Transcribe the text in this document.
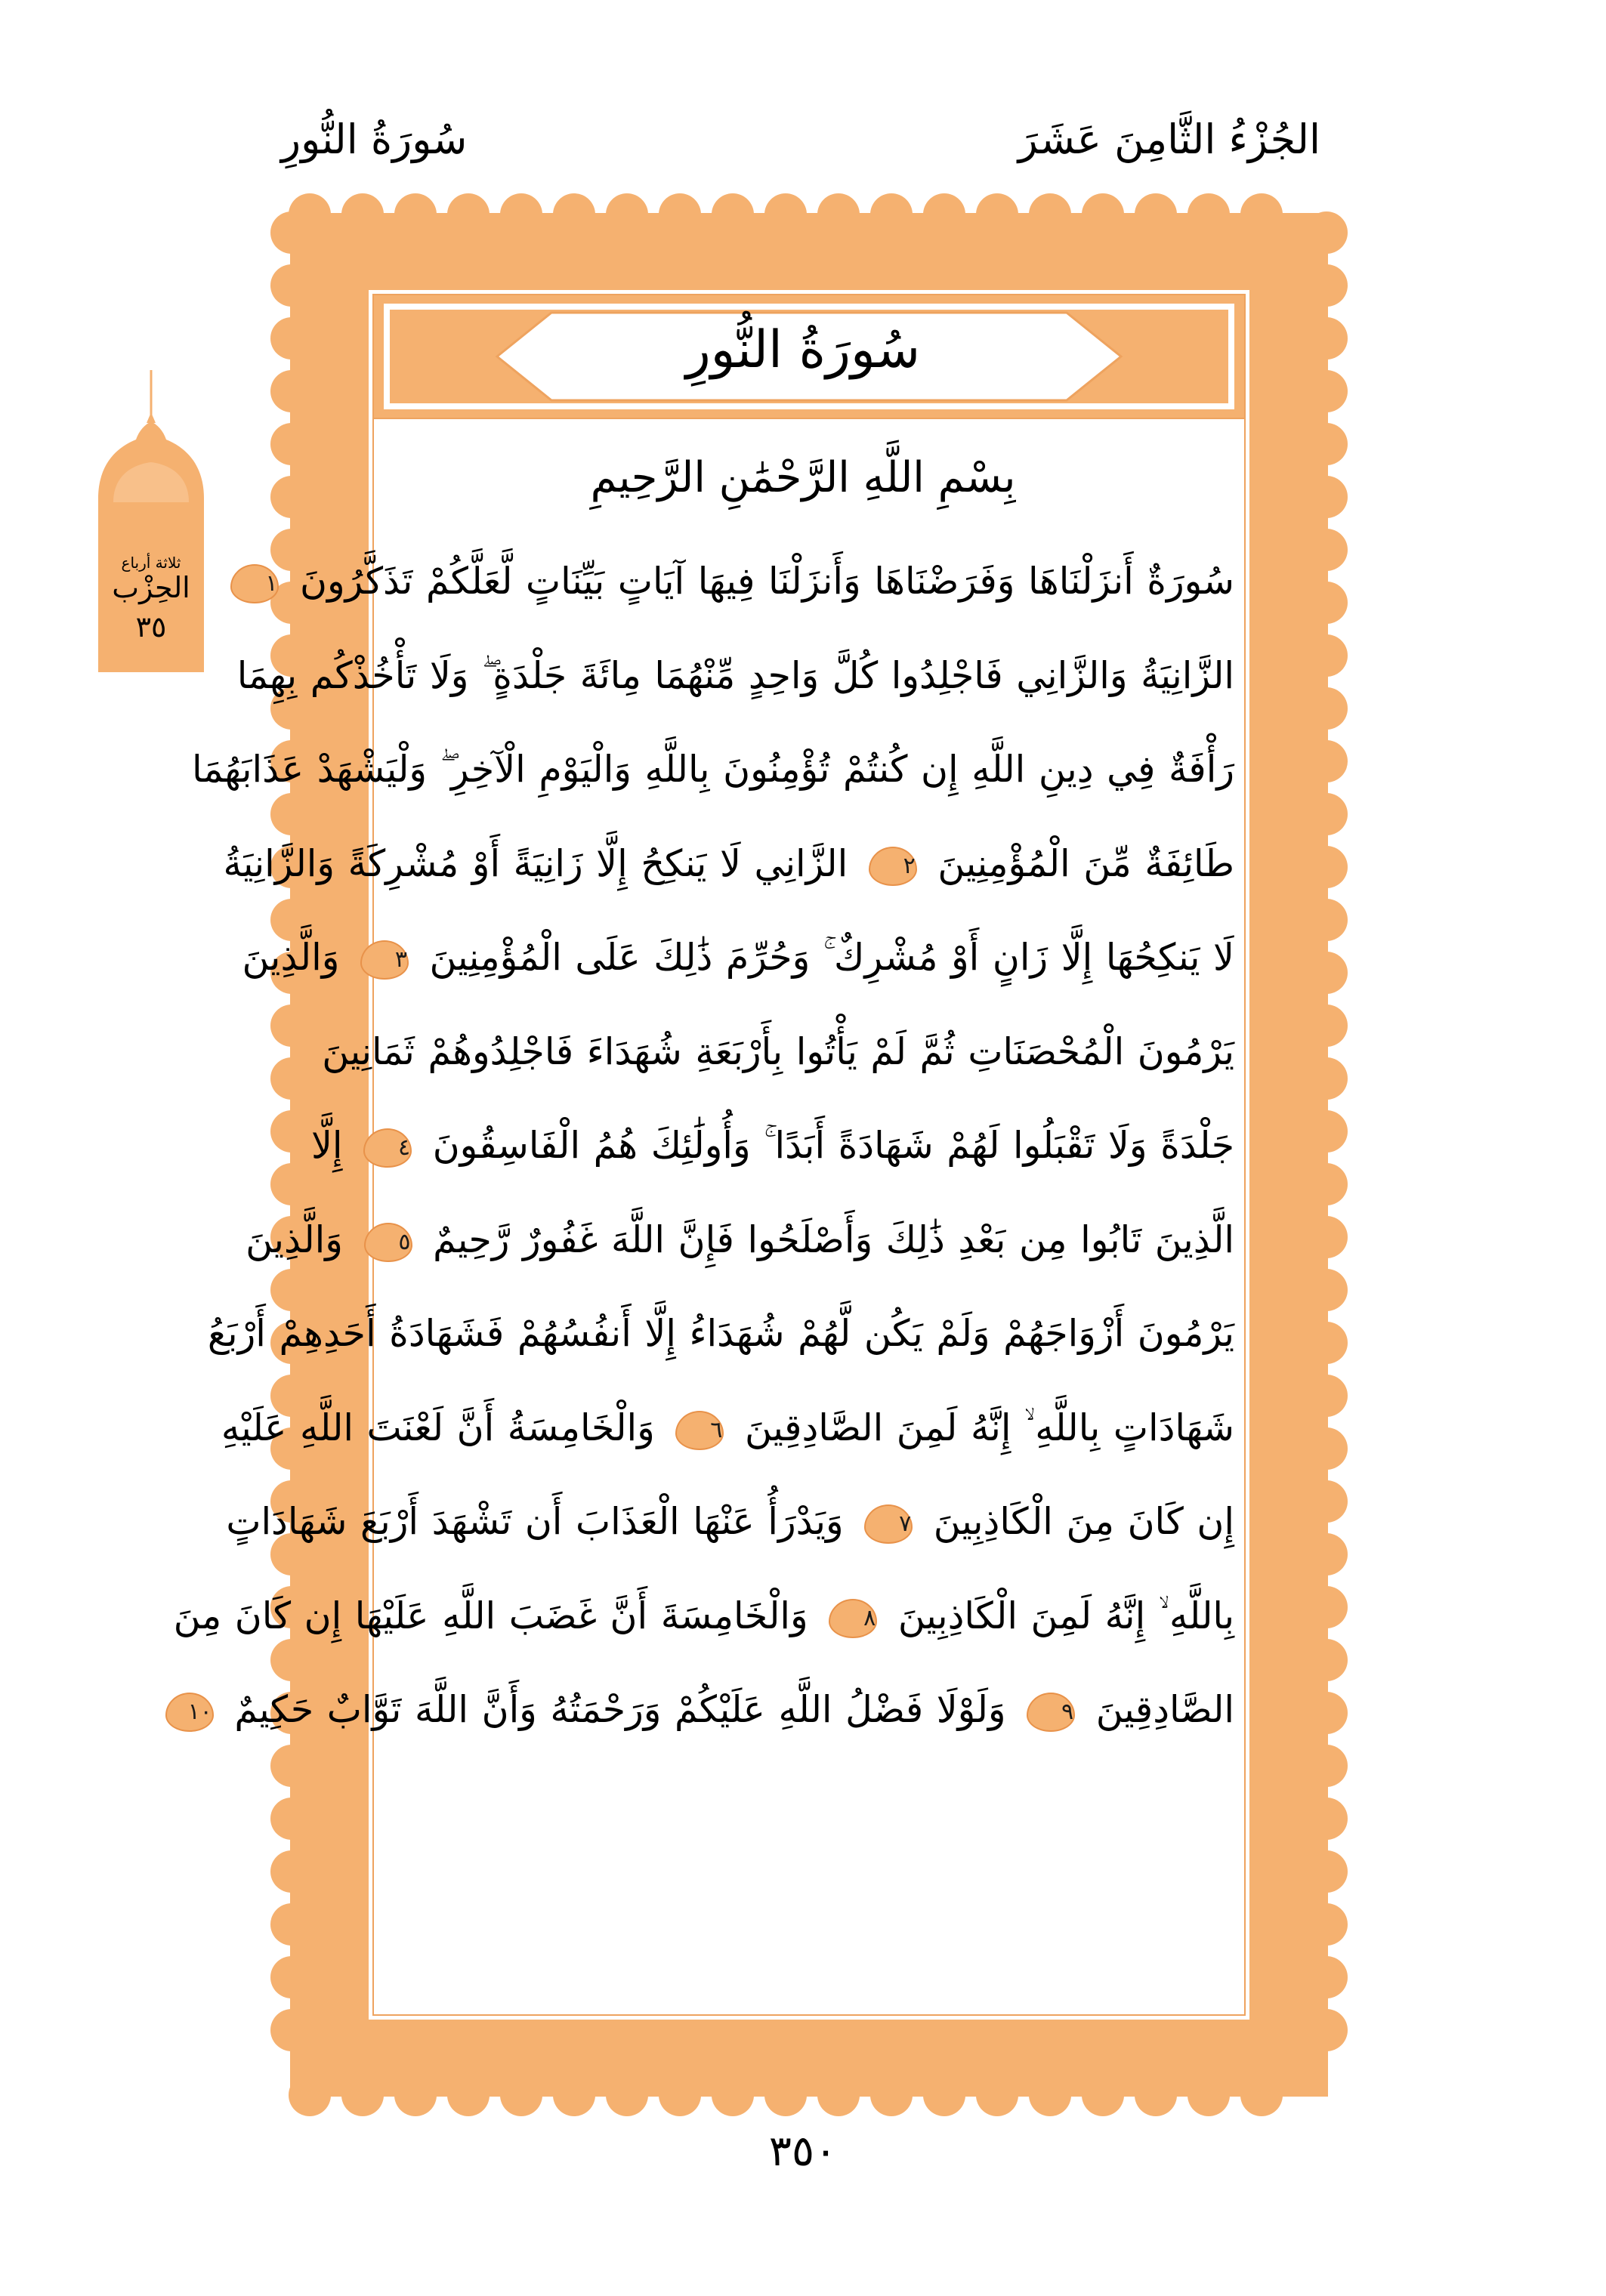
الجُزْءُ الثَّامِنَ عَشَرَ
سُورَةُ النُّورِ
ثلاثة أرباع
الحِزْب
٣٥
سُورَةُ النُّورِ
بِسْمِ اللَّهِ الرَّحْمَٰنِ الرَّحِيمِ
سُورَةٌ أَنزَلْنَاهَا وَفَرَضْنَاهَا وَأَنزَلْنَا فِيهَا آيَاتٍ بَيِّنَاتٍ لَّعَلَّكُمْ تَذَكَّرُونَ ١
الزَّانِيَةُ وَالزَّانِي فَاجْلِدُوا كُلَّ وَاحِدٍ مِّنْهُمَا مِائَةَ جَلْدَةٍ ۖ وَلَا تَأْخُذْكُم بِهِمَا
رَأْفَةٌ فِي دِينِ اللَّهِ إِن كُنتُمْ تُؤْمِنُونَ بِاللَّهِ وَالْيَوْمِ الْآخِرِ ۖ وَلْيَشْهَدْ عَذَابَهُمَا
طَائِفَةٌ مِّنَ الْمُؤْمِنِينَ ٢ الزَّانِي لَا يَنكِحُ إِلَّا زَانِيَةً أَوْ مُشْرِكَةً وَالزَّانِيَةُ
لَا يَنكِحُهَا إِلَّا زَانٍ أَوْ مُشْرِكٌ ۚ وَحُرِّمَ ذَٰلِكَ عَلَى الْمُؤْمِنِينَ ٣ وَالَّذِينَ
يَرْمُونَ الْمُحْصَنَاتِ ثُمَّ لَمْ يَأْتُوا بِأَرْبَعَةِ شُهَدَاءَ فَاجْلِدُوهُمْ ثَمَانِينَ
جَلْدَةً وَلَا تَقْبَلُوا لَهُمْ شَهَادَةً أَبَدًا ۚ وَأُولَٰئِكَ هُمُ الْفَاسِقُونَ ٤ إِلَّا
الَّذِينَ تَابُوا مِن بَعْدِ ذَٰلِكَ وَأَصْلَحُوا فَإِنَّ اللَّهَ غَفُورٌ رَّحِيمٌ ٥ وَالَّذِينَ
يَرْمُونَ أَزْوَاجَهُمْ وَلَمْ يَكُن لَّهُمْ شُهَدَاءُ إِلَّا أَنفُسُهُمْ فَشَهَادَةُ أَحَدِهِمْ أَرْبَعُ
شَهَادَاتٍ بِاللَّهِ ۙ إِنَّهُ لَمِنَ الصَّادِقِينَ ٦ وَالْخَامِسَةُ أَنَّ لَعْنَتَ اللَّهِ عَلَيْهِ
إِن كَانَ مِنَ الْكَاذِبِينَ ٧ وَيَدْرَأُ عَنْهَا الْعَذَابَ أَن تَشْهَدَ أَرْبَعَ شَهَادَاتٍ
بِاللَّهِ ۙ إِنَّهُ لَمِنَ الْكَاذِبِينَ ٨ وَالْخَامِسَةَ أَنَّ غَضَبَ اللَّهِ عَلَيْهَا إِن كَانَ مِنَ
الصَّادِقِينَ ٩ وَلَوْلَا فَضْلُ اللَّهِ عَلَيْكُمْ وَرَحْمَتُهُ وَأَنَّ اللَّهَ تَوَّابٌ حَكِيمٌ ١٠
٣٥٠
